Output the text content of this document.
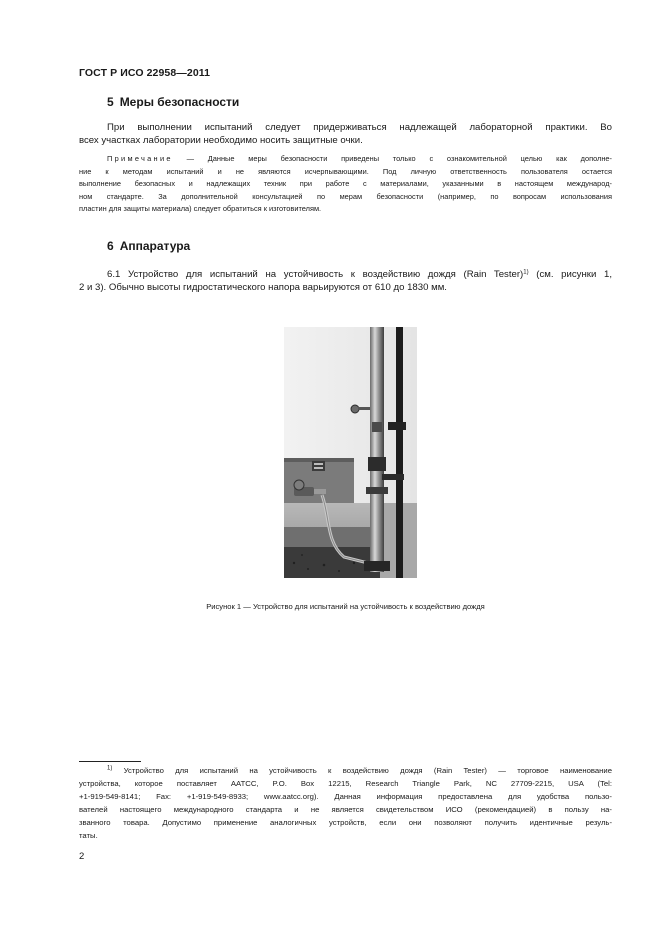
ГОСТ Р ИСО 22958—2011
5 Меры безопасности
При выполнении испытаний следует придерживаться надлежащей лабораторной практики. Во
всех участках лаборатории необходимо носить защитные очки.
Примечание — Данные меры безопасности приведены только с ознакомительной целью как дополне-
ние к методам испытаний и не являются исчерпывающими. Под личную ответственность пользователя остается
выполнение безопасных и надлежащих техник при работе с материалами, указанными в настоящем международ-
ном стандарте. За дополнительной консультацией по мерам безопасности (например, по вопросам использования
пластин для защиты материала) следует обратиться к изготовителям.
6 Аппаратура
6.1 Устройство для испытаний на устойчивость к воздействию дождя (Rain Tester)$^{1)}$ (см. рисунки 1,
2 и 3). Обычно высоты гидростатического напора варьируются от 610 до 1830 мм.
Рисунок 1 — Устройство для испытаний на устойчивость к воздействию дождя
$^{1)}$ Устройство для испытаний на устойчивость к воздействию дождя (Rain Tester) — торговое наименование
устройства, которое поставляет AATCC, P.O. Box 12215, Research Triangle Park, NC 27709-2215, USA (Tel:
+1-919-549-8141; Fax: +1-919-549-8933; www.aatcc.org). Данная информация предоставлена для удобства пользо-
вателей настоящего международного стандарта и не является свидетельством ИСО (рекомендацией) в пользу на-
званного товара. Допустимо применение аналогичных устройств, если они позволяют получить идентичные резуль-
таты.
2
